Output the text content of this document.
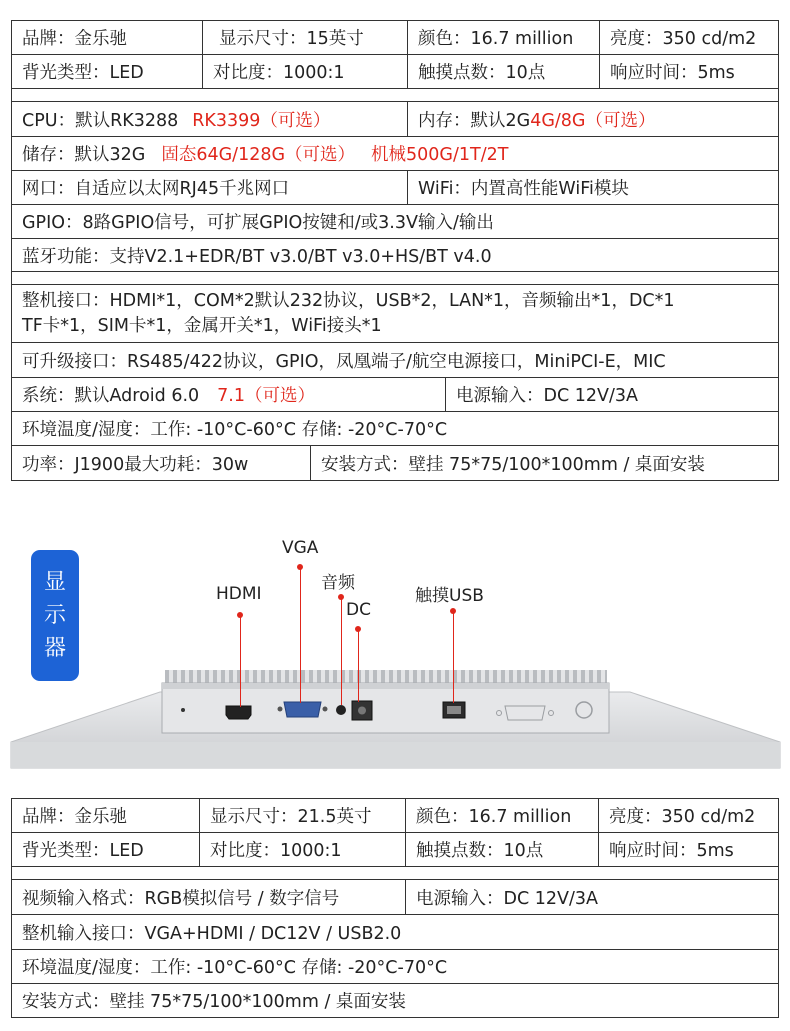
品牌：金乐驰	显示尺寸：15英寸	颜色：16.7 million	亮度：350 cd/m2
背光类型：LED	对比度：1000:1	触摸点数：10点	响应时间：5ms
CPU：默认RK3288 RK3399（可选）	内存：默认2G 4G/8G（可选）
储存：默认32G 固态64G/128G（可选） 机械500G/1T/2T
网口：自适应以太网RJ45千兆网口	WiFi：内置高性能WiFi模块
GPIO：8路GPIO信号，可扩展GPIO按键和/或3.3V输入/输出
蓝牙功能：支持V2.1+EDR/BT v3.0/BT v3.0+HS/BT v4.0
整机接口：HDMI*1，COM*2默认232协议，USB*2，LAN*1，音频输出*1，DC*1
TF卡*1，SIM卡*1，金属开关*1，WiFi接头*1
可升级接口：RS485/422协议，GPIO，凤凰端子/航空电源接口，MiniPCI-E，MIC
系统：默认Adroid 6.0 7.1（可选）	电源输入：DC 12V/3A
环境温度/湿度：工作: -10°C-60°C 存储: -20°C-70°C
功率：J1900最大功耗：30w	安装方式：壁挂 75*75/100*100mm / 桌面安装
显
示
器
HDMI
VGA
音频
DC
触摸USB
品牌：金乐驰	显示尺寸：21.5英寸	颜色：16.7 million	亮度：350 cd/m2
背光类型：LED	对比度：1000:1	触摸点数：10点	响应时间：5ms
视频输入格式：RGB模拟信号 / 数字信号	电源输入：DC 12V/3A
整机输入接口：VGA+HDMI / DC12V / USB2.0
环境温度/湿度：工作: -10°C-60°C 存储: -20°C-70°C
安装方式：壁挂 75*75/100*100mm / 桌面安装
